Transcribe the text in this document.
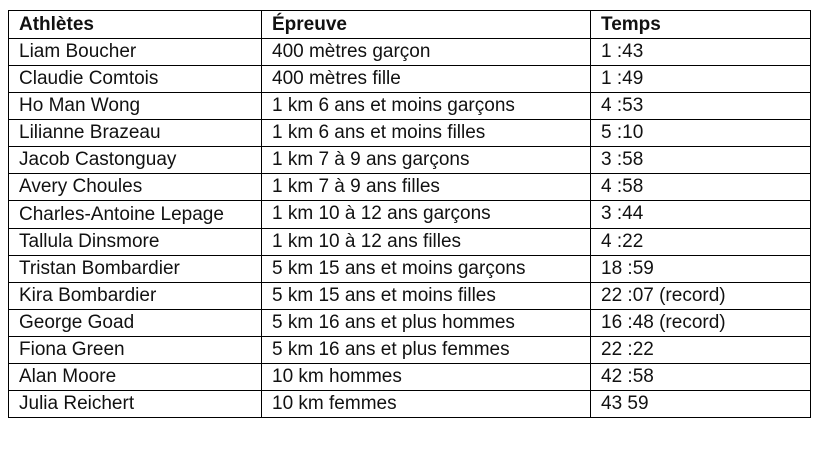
Athlètes	Épreuve	Temps
Liam Boucher	400 mètres garçon	1 :43
Claudie Comtois	400 mètres fille	1 :49
Ho Man Wong	1 km 6 ans et moins garçons	4 :53
Lilianne Brazeau	1 km 6 ans et moins filles	5 :10
Jacob Castonguay	1 km 7 à 9 ans garçons	3 :58
Avery Choules	1 km 7 à 9 ans filles	4 :58
Charles-Antoine Lepage	1 km 10 à 12 ans garçons	3 :44
Tallula Dinsmore	1 km 10 à 12 ans filles	4 :22
Tristan Bombardier	5 km 15 ans et moins garçons	18 :59
Kira Bombardier	5 km 15 ans et moins filles	22 :07 (record)
George Goad	5 km 16 ans et plus hommes	16 :48 (record)
Fiona Green	5 km 16 ans et plus femmes	22 :22
Alan Moore	10 km hommes	42 :58
Julia Reichert	10 km femmes	43 59
